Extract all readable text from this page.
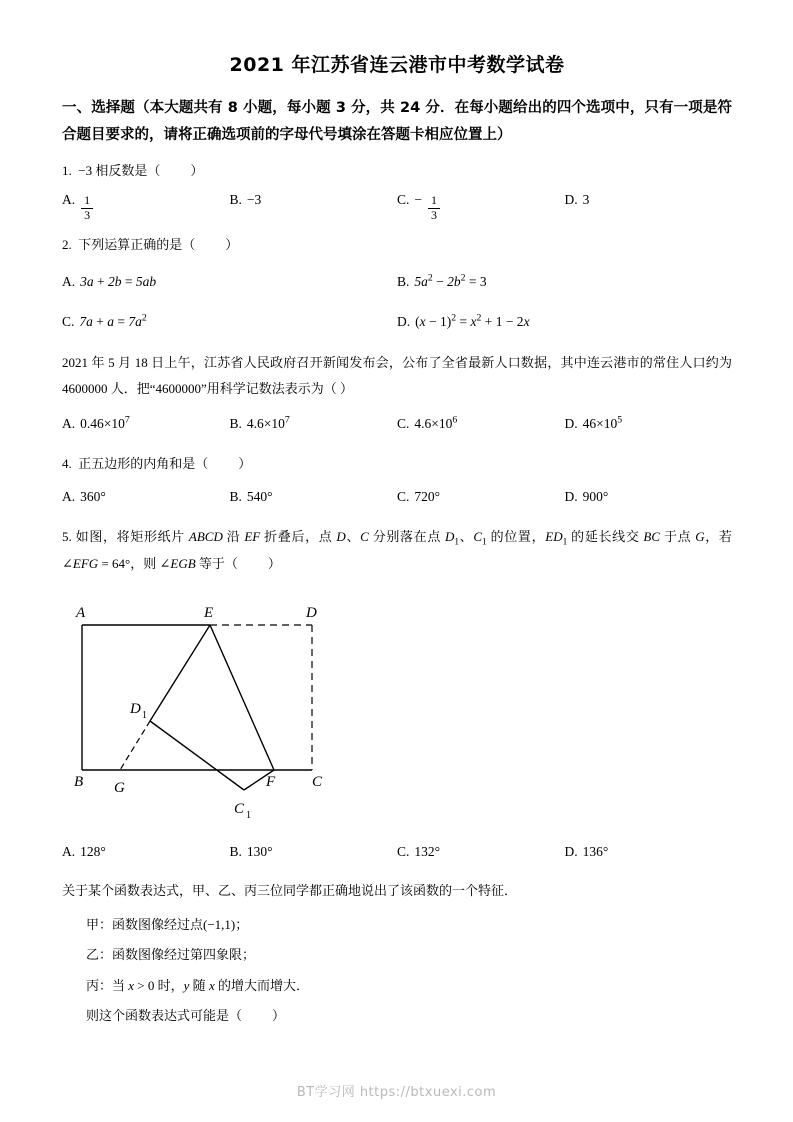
2021 年江苏省连云港市中考数学试卷
一、选择题（本大题共有 8 小题，每小题 3 分，共 24 分．在每小题给出的四个选项中，只有一项是符合题目要求的，请将正确选项前的字母代号填涂在答题卡相应位置上）
1.  −3 相反数是（ ）
A. $\frac{1}{3}$	B. −3	C. − $\frac{1}{3}$	D. 3
2.  下列运算正确的是（ ）
A. 3a + 2b = 5ab	B. $5a^2 - 2b^2 = 3$
C. $7a + a = 7a^2$	D. $(x - 1)^2 = x^2 + 1 - 2x$
2021 年 5 月 18 日上午，江苏省人民政府召开新闻发布会，公布了全省最新人口数据，其中连云港市的常住人口约为 4600000 人．把“4600000”用科学记数法表示为（ ）
A. $0.46\times 10^7$	B. $4.6\times 10^7$	C. $4.6\times 10^6$	D. $46\times 10^5$
4.  正五边形的内角和是（ ）
A. 360°	B. 540°	C. 720°	D. 900°
5. 如图，将矩形纸片 ABCD 沿 EF 折叠后，点 D、C 分别落在点 $D_1$、$C_1$ 的位置，$ED_1$ 的延长线交 BC 于点 G，若 ∠EFG = 64°，则 ∠EGB 等于（ ）
A	E	D
D 1
B G	F C
C 1
A. 128°	B. 130°	C. 132°	D. 136°
关于某个函数表达式，甲、乙、丙三位同学都正确地说出了该函数的一个特征．
甲：函数图像经过点(−1,1)；
乙：函数图像经过第四象限；
丙：当 x > 0 时，y 随 x 的增大而增大．
则这个函数表达式可能是（ ）
BT学习网 https://btxuexi.com
